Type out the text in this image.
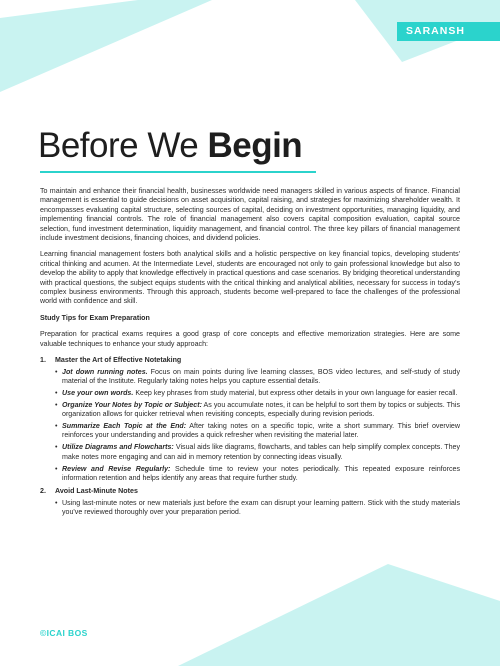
SARANSH
Before We Begin

To maintain and enhance their financial health, businesses worldwide need managers skilled in various aspects of finance. Financial management is essential to guide decisions on asset acquisition, capital raising, and strategies for maximizing shareholder wealth. It encompasses evaluating capital structure, selecting sources of capital, deciding on investment opportunities, managing liquidity, and implementing financial controls. The role of financial management also covers capital composition evaluation, capital source selection, fund investment determination, liquidity management, and financial control. The three key pillars of financial management include investment decisions, financing choices, and dividend policies.

Learning financial management fosters both analytical skills and a holistic perspective on key financial topics, developing students' critical thinking and acumen. At the Intermediate Level, students are encouraged not only to gain professional knowledge but also to develop the ability to apply that knowledge effectively in practical questions and case scenarios. By bridging theoretical understanding with practical questions, the subject equips students with the critical thinking and analytical abilities, necessary for success in today's complex business environments. Through this approach, students become well-prepared to face the challenges of the professional world with confidence and skill.

Study Tips for Exam Preparation

Preparation for practical exams requires a good grasp of core concepts and effective memorization strategies. Here are some valuable techniques to enhance your study approach:

1.	Master the Art of Effective Notetaking
• Jot down running notes. Focus on main points during live learning classes, BOS video lectures, and self-study of study material of the Institute. Regularly taking notes helps you capture essential details.
• Use your own words. Keep key phrases from study material, but express other details in your own language for easier recall.
• Organize Your Notes by Topic or Subject: As you accumulate notes, it can be helpful to sort them by topics or subjects. This organization allows for quicker retrieval when revisiting concepts, especially during revision periods.
• Summarize Each Topic at the End: After taking notes on a specific topic, write a short summary. This brief overview reinforces your understanding and provides a quick refresher when revisiting the material later.
• Utilize Diagrams and Flowcharts: Visual aids like diagrams, flowcharts, and tables can help simplify complex concepts. They make notes more engaging and can aid in memory retention by connecting ideas visually.
• Review and Revise Regularly: Schedule time to review your notes periodically. This repeated exposure reinforces information retention and helps identify any areas that require further study.
2.	Avoid Last-Minute Notes
• Using last-minute notes or new materials just before the exam can disrupt your learning pattern. Stick with the study materials you've reviewed thoroughly over your preparation period.
©ICAI BOS
